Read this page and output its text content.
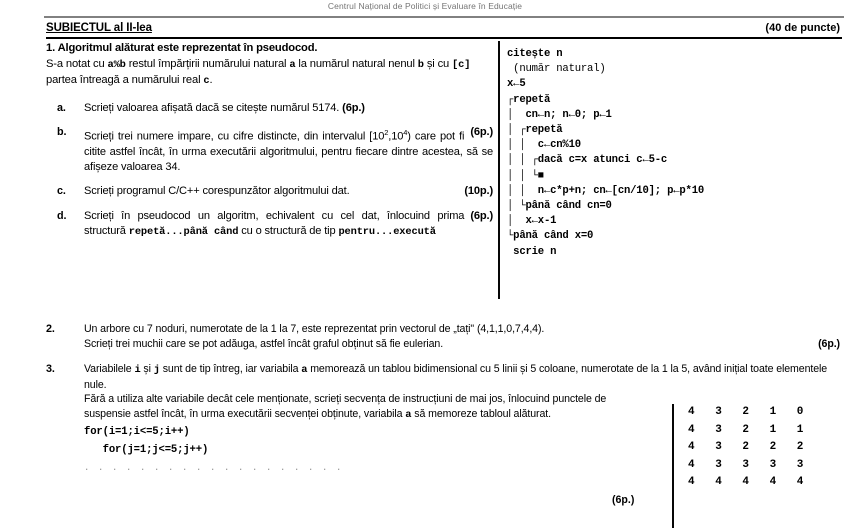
Centrul Național de Politici și Evaluare în Educație
SUBIECTUL al II-lea	(40 de puncte)
1. Algoritmul alăturat este reprezentat în pseudocod.
S-a notat cu a%b restul împărțirii numărului natural a la numărul natural nenul b și cu [c] partea întreagă a numărului real c.
a. Scrieți valoarea afișată dacă se citește numărul 5174. (6p.)
b.	(6p.)
Scrieți trei numere impare, cu cifre distincte, din intervalul $[10^2,10^4)$ care pot fi citite astfel încât, în urma executării algoritmului, pentru fiecare dintre acestea, să se afișeze valoarea 34.
c.	(10p.)
Scrieți programul C/C++ corespunzător algoritmului dat.
d.	(6p.)
Scrieți în pseudocod un algoritm, echivalent cu cel dat, înlocuind prima structură repetă...până când cu o structură de tip pentru...execută
citește n
(număr natural)
x←5
┌repetă
│  cn←n; n←0; p←1
│ ┌repetă
│ │  c←cn%10
│ │ ┌dacă c=x atunci c←5-c
│ │ └■
│ │  n←c*p+n; cn←[cn/10]; p←p*10
│ └până când cn=0
│  x←x-1
└până când x=0
scrie n
2.	Un arbore cu 7 noduri, numerotate de la 1 la 7, este reprezentat prin vectorul de „tați" (4,1,1,0,7,4,4).
Scrieți trei muchii care se pot adăuga, astfel încât graful obținut să fie eulerian.	(6p.)
3.	Variabilele i și j sunt de tip întreg, iar variabila a memorează un tablou bidimensional cu 5 linii și 5 coloane, numerotate de la 1 la 5, având inițial toate elementele nule.
Fără a utiliza alte variabile decât cele menționate, scrieți secvența de instrucțiuni de mai jos, înlocuind punctele de suspensie astfel încât, în urma executării secvenței obținute, variabila a să memoreze tabloul alăturat.
for(i=1;i<=5;i++)
for(j=1;j<=5;j++)
. . . . . . . . . . . . . . . . . . .
(6p.)
4 3 2 1 0
4 3 2 1 1
4 3 2 2 2
4 3 3 3 3
4 4 4 4 4
